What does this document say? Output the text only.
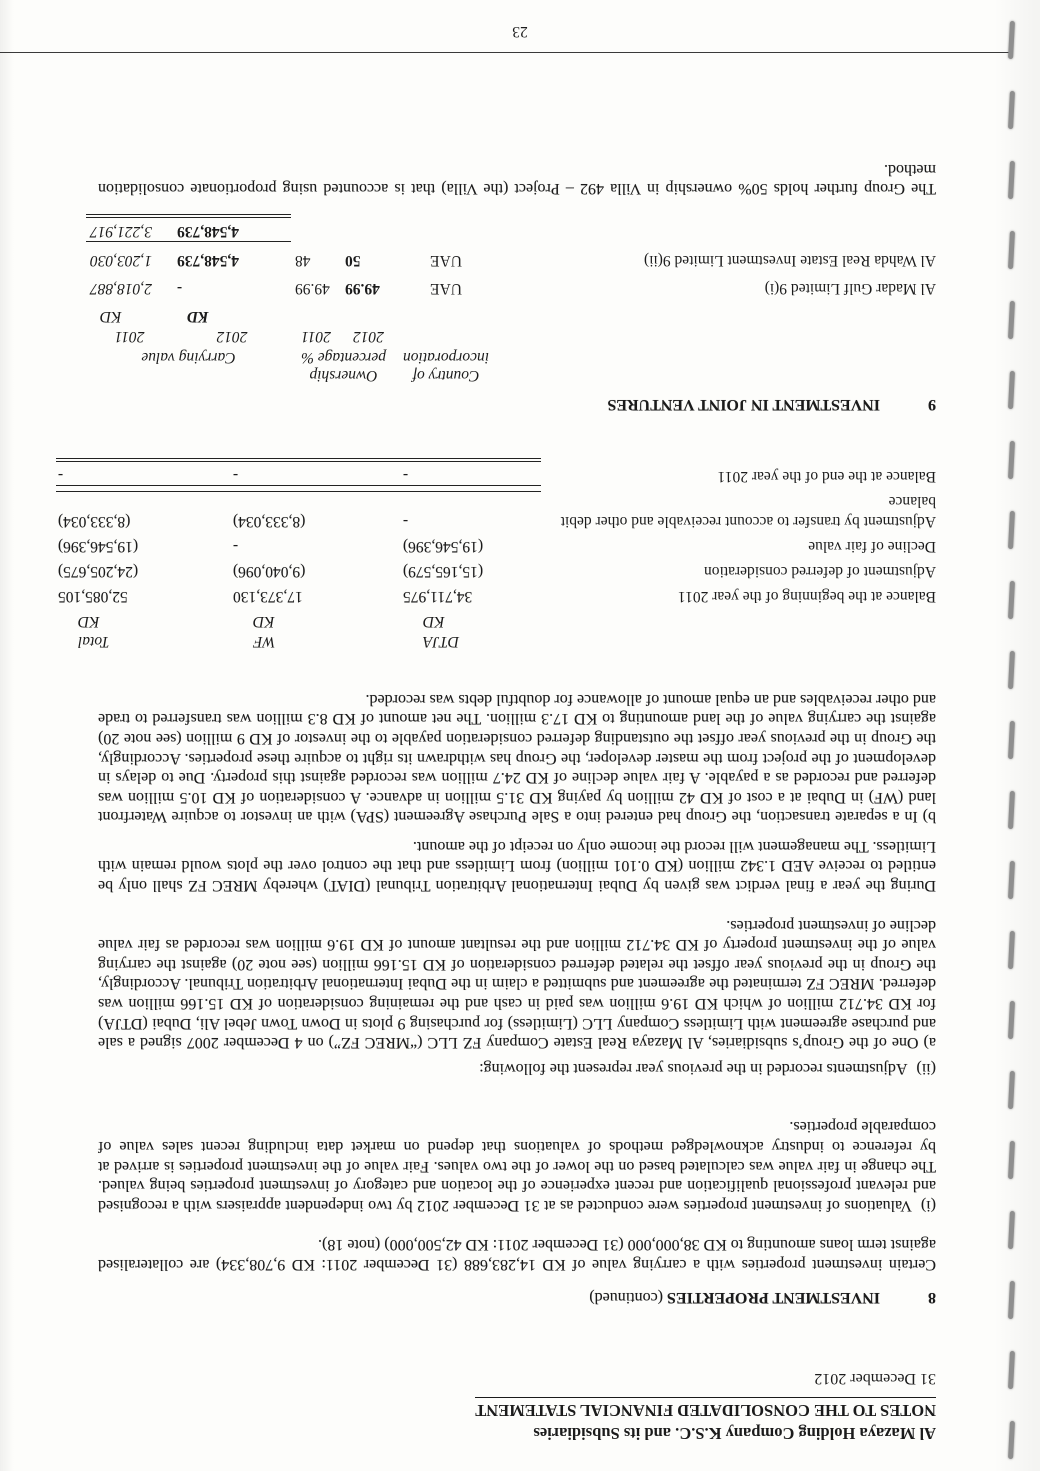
Al Mazaya Holding Company K.S.C. and its Subsidiaries
NOTES TO THE CONSOLIDATED FINANCIAL STATEMENT
31 December 2012
8INVESTMENT PROPERTIES (continued)

Certain investment properties with a carrying value of KD 14,283,688 (31 December 2011: KD 9,708,334) are collateralised against term loans amounting to KD 38,000,000 (31 December 2011: KD 42,500,000) (note 18).

(i)Valuations of investment properties were conducted as at 31 December 2012 by two independent appraisers with a recognised and relevant professional qualification and recent experience of the location and category of investment properties being valued. The change in fair value was calculated based on the lower of the two values. Fair value of the investment properties is arrived at by reference to industry acknowledged methods of valuations that depend on market data including recent sales value of comparable properties.

(ii)Adjustments recorded in the previous year represent the following:

a) One of the Group’s subsidiaries, Al Mazaya Real Estate Company FZ LLC (“MREC FZ”) on 4 December 2007 signed a sale and purchase agreement with Limitless Company LLC (Limitless) for purchasing 9 plots in Down Town Jebel Ali, Dubai (DTJA) for KD 34.712 million of which KD 19.6 million was paid in cash and the remaining consideration of KD 15.166 million was deferred. MREC FZ terminated the agreement and submitted a claim in the Dubai International Arbitration Tribunal. Accordingly, the Group in the previous year offset the related deferred consideration of KD 15.166 million (see note 20) against the carrying value of the investment property of KD 34.712 million and the resultant amount of KD 19.6 million was recorded as fair value decline of investment properties.

During the year a final verdict was given by Dubai International Arbitration Tribunal (DIAT) whereby MREC FZ shall only be entitled to receive AED 1.342 million (KD 0.101 million) from Limitless and that the control over the plots would remain with Limitless. The management will record the income only on receipt of the amount.

b) In a separate transaction, the Group had entered into a Sale Purchase Agreement (SPA) with an investor to acquire Waterfront land (WF) in Dubai at a cost of KD 42 million by paying KD 31.5 million in advance. A consideration of KD 10.5 million was deferred and recorded as a payable. A fair value decline of KD 24.7 million was recorded against this property. Due to delays in development of the project from the master developer, the Group has withdrawn its right to acquire these properties. Accordingly, the Group in the previous year offset the outstanding deferred consideration payable to the investor of KD 9 million (see note 20) against the carrying value of the land amounting to KD 17.3 million. The net amount of KD 8.3 million was transferred to trade and other receivables and an equal amount of allowance for doubtful debts was recorded.

DTJA
WF
Total
KD
KD
KD
Balance at the beginning of the year 2011
34,711,975
17,373,130
52,085,105
Adjustment of deferred consideration
(15,165,579)
(9,040,096)
(24,205,675)
Decline of fair value
(19,546,396)
-
(19,546,396)
Adjustment by transfer to account receivable and other debit balance
-
(8,333,034)
(8,333,034)
Balance at the end of the year 2011
-
-
-
9INVESTMENT IN JOINT VENTURES
Country of incorporation
Ownership percentage %
Carrying value
2012
2011
2012
2011
KD
KD
Al Madar Gulf Limited 9(i)
UAE
49.99
49.99
-
2,018,887
Al Wahda Real Estate Investment Limited 9(ii)
UAE
50
48
4,548,739
1,203,030
4,548,739
3,221,917

The Group further holds 50% ownership in Villa 492 – Project (the Villa) that is accounted using proportionate consolidation method.

23
